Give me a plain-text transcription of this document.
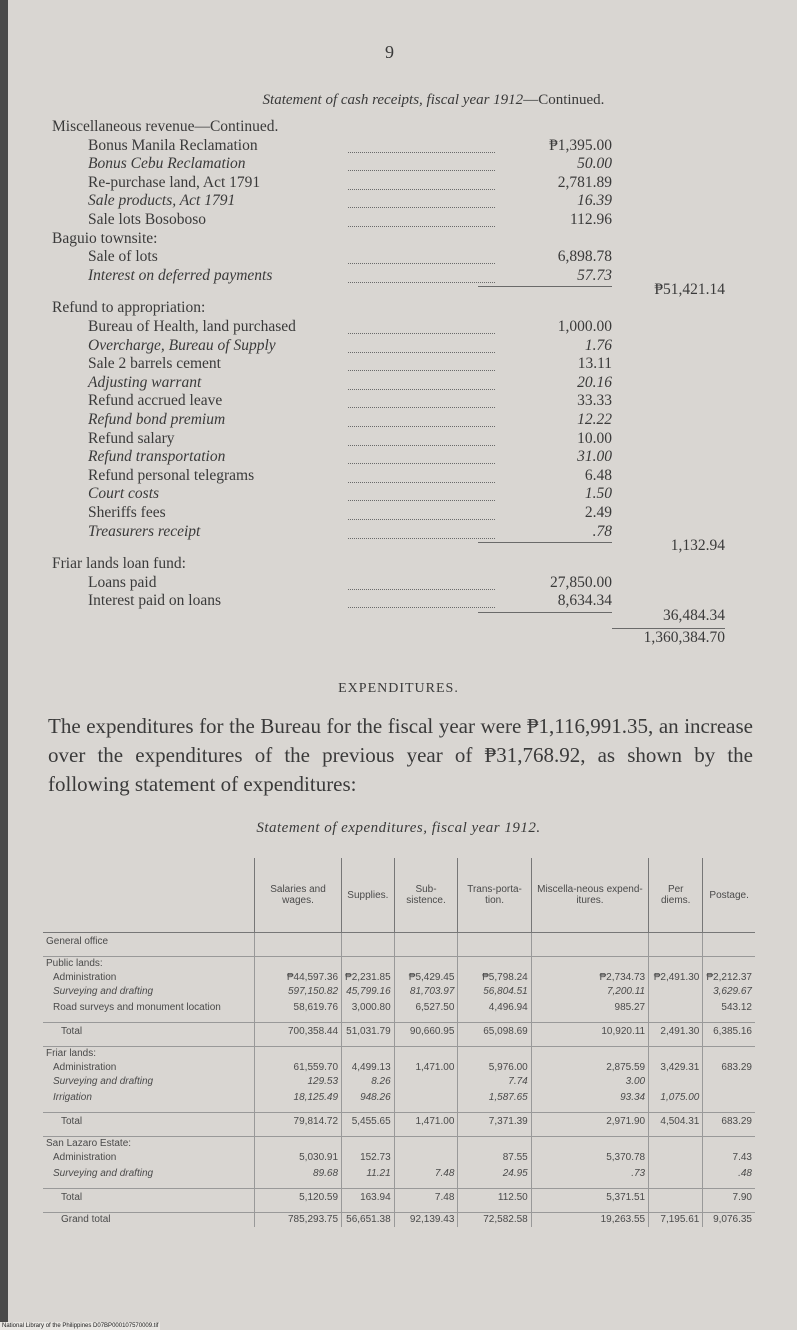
9
Statement of cash receipts, fiscal year 1912—Continued.
Miscellaneous revenue—Continued.
Bonus Manila Reclamation	₱1,395.00
Bonus Cebu Reclamation	50.00
Re-purchase land, Act 1791	2,781.89
Sale products, Act 1791	16.39
Sale lots Bosoboso	112.96
Baguio townsite:
Sale of lots	6,898.78
Interest on deferred payments	57.73
₱51,421.14
Refund to appropriation:
Bureau of Health, land purchased	1,000.00
Overcharge, Bureau of Supply	1.76
Sale 2 barrels cement	13.11
Adjusting warrant	20.16
Refund accrued leave	33.33
Refund bond premium	12.22
Refund salary	10.00
Refund transportation	31.00
Refund personal telegrams	6.48
Court costs	1.50
Sheriffs fees	2.49
Treasurers receipt	.78
1,132.94
Friar lands loan fund:
Loans paid	27,850.00
Interest paid on loans	8,634.34
36,484.34
1,360,384.70
EXPENDITURES.
The expenditures for the Bureau for the fiscal year were ₱1,116,991.35, an increase over the expenditures of the previous year of ₱31,768.92, as shown by the following statement of expenditures:
Statement of expenditures, fiscal year 1912.
	Salaries and wages.	Supplies.	Sub-sistence.	Trans-porta-tion.	Miscella-neous expend-itures.	Per diems.	Postage.
General office							
Public lands:							
Administration	₱44,597.36	₱2,231.85	₱5,429.45	₱5,798.24	₱2,734.73	₱2,491.30	₱2,212.37
Surveying and drafting	597,150.82	45,799.16	81,703.97	56,804.51	7,200.11		3,629.67
Road surveys and monument location	58,619.76	3,000.80	6,527.50	4,496.94	985.27		543.12
Total	700,358.44	51,031.79	90,660.95	65,098.69	10,920.11	2,491.30	6,385.16
Friar lands:							
Administration	61,559.70	4,499.13	1,471.00	5,976.00	2,875.59	3,429.31	683.29
Surveying and drafting	129.53	8.26		7.74	3.00		
Irrigation	18,125.49	948.26		1,587.65	93.34	1,075.00	
Total	79,814.72	5,455.65	1,471.00	7,371.39	2,971.90	4,504.31	683.29
San Lazaro Estate:							
Administration	5,030.91	152.73		87.55	5,370.78		7.43
Surveying and drafting	89.68	11.21	7.48	24.95	.73		.48
Total	5,120.59	163.94	7.48	112.50	5,371.51		7.90
Grand total	785,293.75	56,651.38	92,139.43	72,582.58	19,263.55	7,195.61	9,076.35
National Library of the Philippines D07BP000107570009.tif
